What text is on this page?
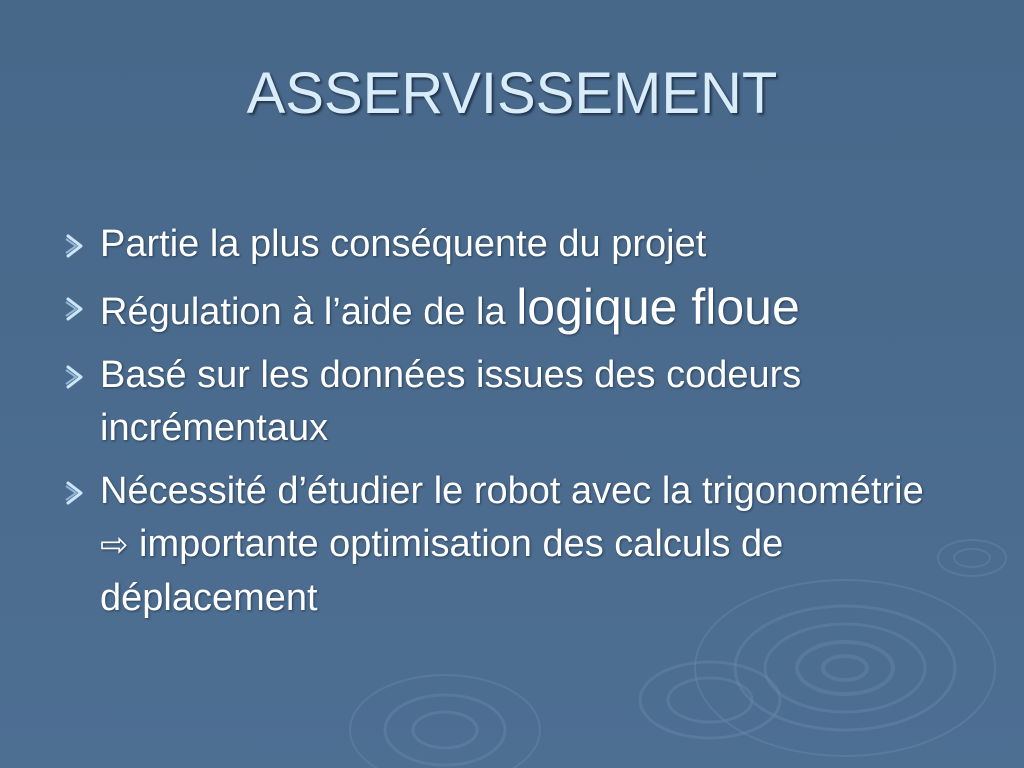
ASSERVISSEMENT
Partie la plus conséquente du projet
Régulation à l’aide de la logique floue
Basé sur les données issues des codeurs incrémentaux
Nécessité d’étudier le robot avec la trigonométrie ⇨ importante optimisation des calculs de déplacement
